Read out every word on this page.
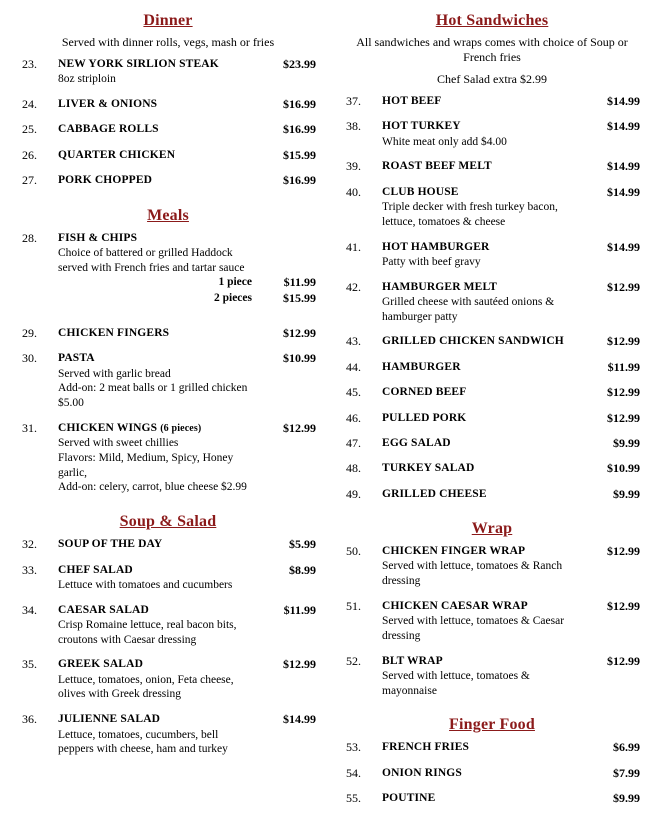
Dinner
Served with dinner rolls, vegs, mash or fries
23.	NEW YORK SIRLION STEAK	$23.99
8oz striploin
24.	LIVER & ONIONS	$16.99
25.	CABBAGE ROLLS	$16.99
26.	QUARTER CHICKEN	$15.99
27.	PORK CHOPPED	$16.99
Meals
28.	FISH & CHIPS
Choice of battered or grilled Haddock
served with French fries and tartar sauce
1 piece	$11.99
2 pieces	$15.99
29.	CHICKEN FINGERS	$12.99
30.	PASTA	$10.99
Served with garlic bread
Add-on: 2 meat balls or 1 grilled chicken $5.00
31.	CHICKEN WINGS (6 pieces)	$12.99
Served with sweet chillies
Flavors: Mild, Medium, Spicy, Honey garlic,
Add-on: celery, carrot, blue cheese $2.99
Soup & Salad
32.	SOUP OF THE DAY	$5.99
33.	CHEF SALAD	$8.99
Lettuce with tomatoes and cucumbers
34.	CAESAR SALAD	$11.99
Crisp Romaine lettuce, real bacon bits, croutons with Caesar dressing
35.	GREEK SALAD	$12.99
Lettuce, tomatoes, onion, Feta cheese, olives with Greek dressing
36.	JULIENNE SALAD	$14.99
Lettuce, tomatoes, cucumbers, bell peppers with cheese, ham and turkey
Hot Sandwiches
All sandwiches and wraps comes with choice of Soup or French fries
Chef Salad extra $2.99
37.	HOT BEEF	$14.99
38.	HOT TURKEY	$14.99
White meat only add $4.00
39.	ROAST BEEF MELT	$14.99
40.	CLUB HOUSE	$14.99
Triple decker with fresh turkey bacon, lettuce, tomatoes & cheese
41.	HOT HAMBURGER	$14.99
Patty with beef gravy
42.	HAMBURGER MELT	$12.99
Grilled cheese with sautéed onions & hamburger patty
43.	GRILLED CHICKEN SANDWICH	$12.99
44.	HAMBURGER	$11.99
45.	CORNED BEEF	$12.99
46.	PULLED PORK	$12.99
47.	EGG SALAD	$9.99
48.	TURKEY SALAD	$10.99
49.	GRILLED CHEESE	$9.99
Wrap
50.	CHICKEN FINGER WRAP	$12.99
Served with lettuce, tomatoes & Ranch dressing
51.	CHICKEN CAESAR WRAP	$12.99
Served with lettuce, tomatoes & Caesar dressing
52.	BLT WRAP	$12.99
Served with lettuce, tomatoes & mayonnaise
Finger Food
53.	FRENCH FRIES	$6.99
54.	ONION RINGS	$7.99
55.	POUTINE	$9.99
